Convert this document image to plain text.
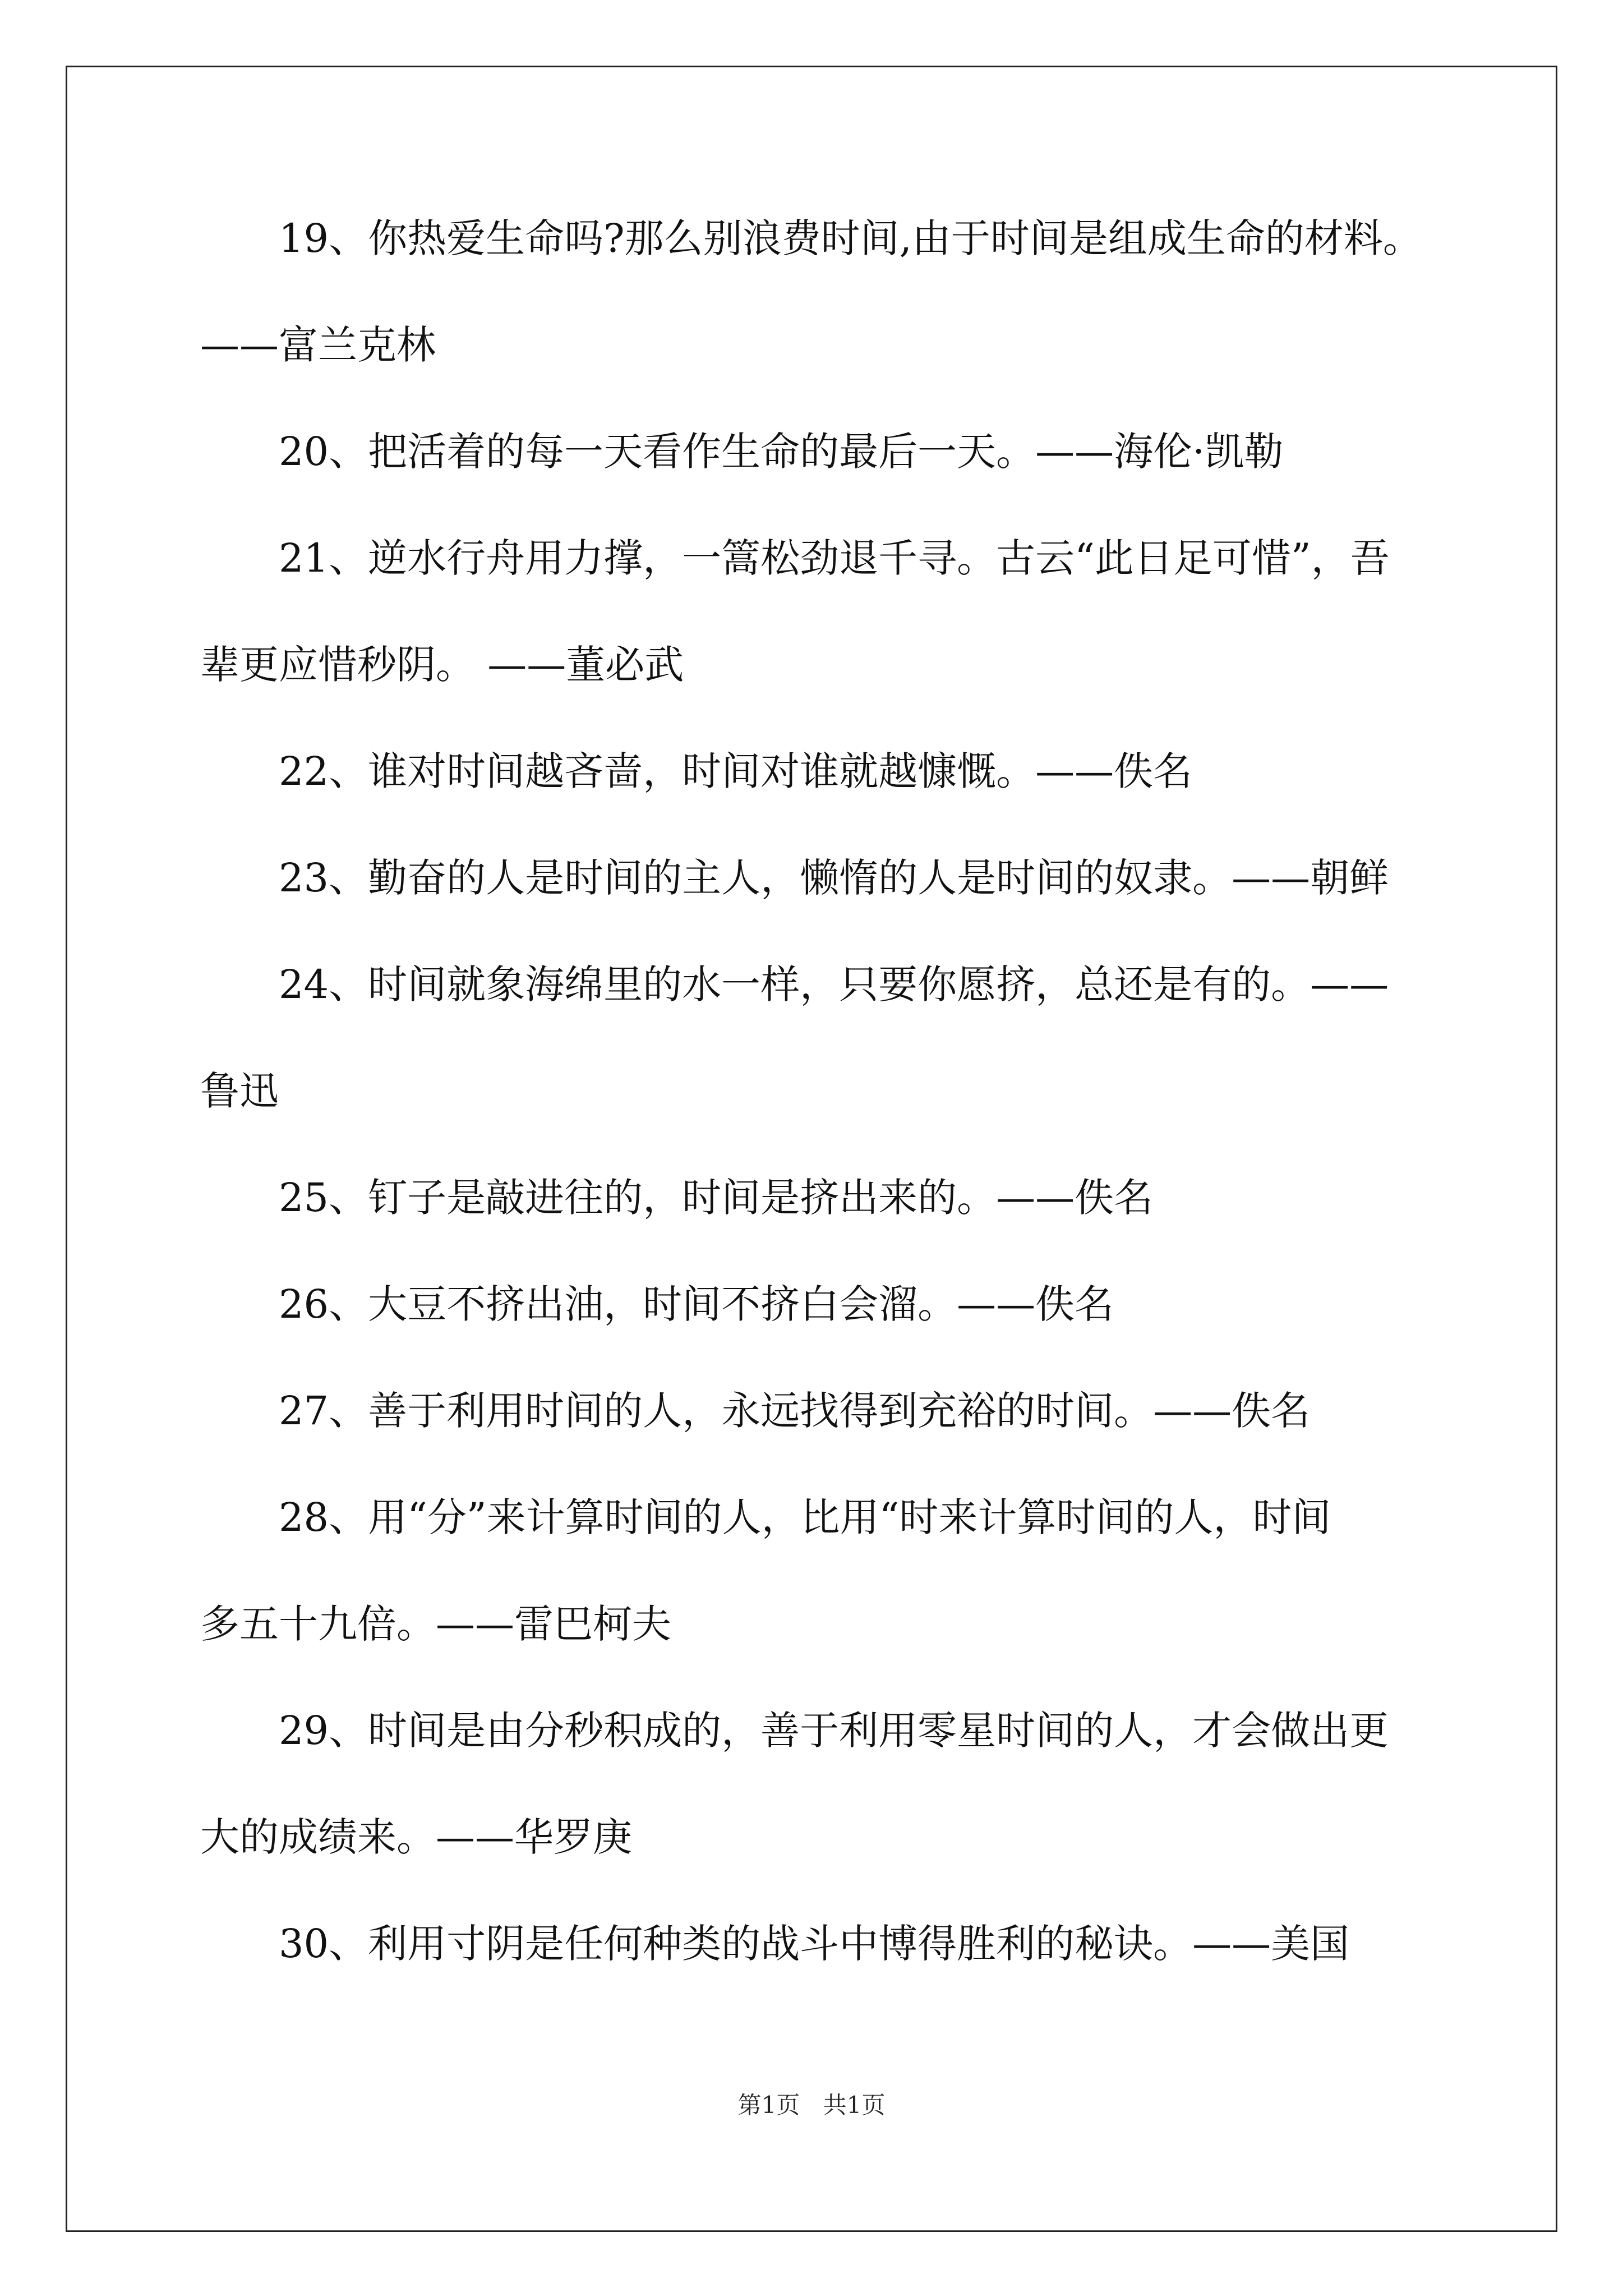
19、你热爱生命吗?那么别浪费时间,由于时间是组成生命的材料。
——富兰克林
20、把活着的每一天看作生命的最后一天。——海伦·凯勒
21、逆水行舟用力撑，一篙松劲退千寻。古云“此日足可惜”，吾
辈更应惜秒阴。 ——董必武
22、谁对时间越吝啬，时间对谁就越慷慨。——佚名
23、勤奋的人是时间的主人，懒惰的人是时间的奴隶。——朝鲜
24、时间就象海绵里的水一样，只要你愿挤，总还是有的。——
鲁迅
25、钉子是敲进往的，时间是挤出来的。——佚名
26、大豆不挤出油，时间不挤白会溜。——佚名
27、善于利用时间的人，永远找得到充裕的时间。——佚名
28、用“分”来计算时间的人，比用“时来计算时间的人，时间
多五十九倍。——雷巴柯夫
29、时间是由分秒积成的，善于利用零星时间的人，才会做出更
大的成绩来。——华罗庚
30、利用寸阴是任何种类的战斗中博得胜利的秘诀。——美国
第1页 共1页
